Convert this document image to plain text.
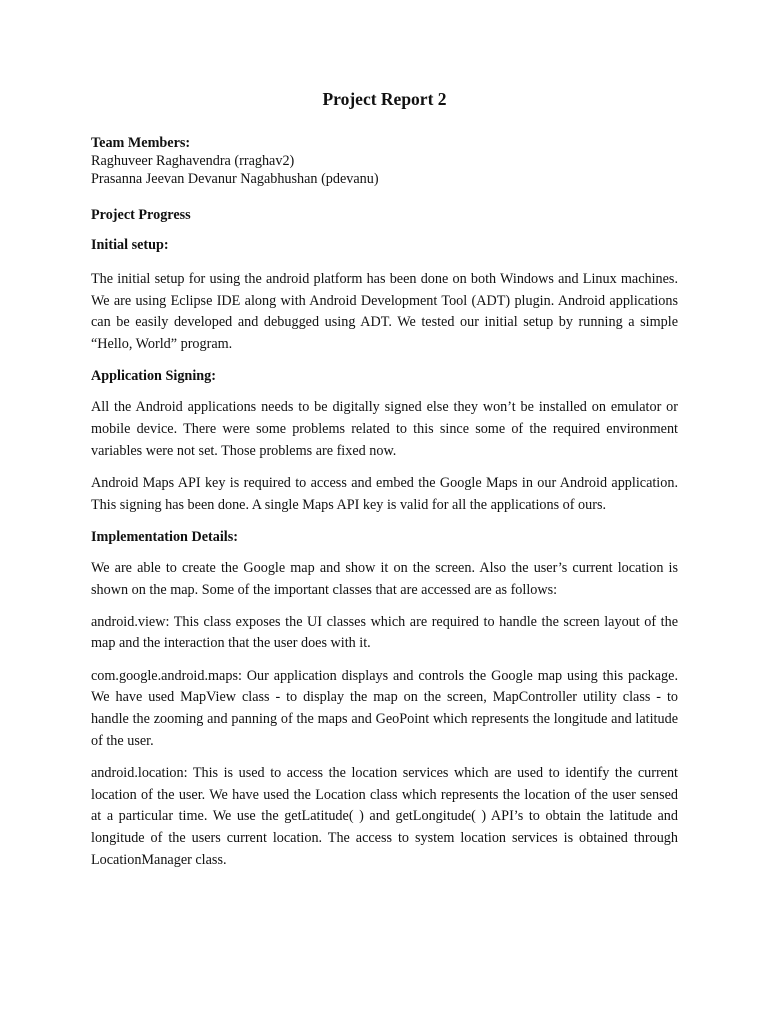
Project Report 2

Team Members:

Raghuveer Raghavendra (rraghav2)

Prasanna Jeevan Devanur Nagabhushan (pdevanu)

Project Progress
Initial setup:

The initial setup for using the android platform has been done on both Windows and Linux machines. We are using Eclipse IDE along with Android Development Tool (ADT) plugin. Android applications can be easily developed and debugged using ADT. We tested our initial setup by running a simple “Hello, World” program.

Application Signing:

All the Android applications needs to be digitally signed else they won’t be installed on emulator or mobile device. There were some problems related to this since some of the required environment variables were not set. Those problems are fixed now.

Android Maps API key is required to access and embed the Google Maps in our Android application. This signing has been done. A single Maps API key is valid for all the applications of ours.

Implementation Details:

We are able to create the Google map and show it on the screen. Also the user’s current location is shown on the map. Some of the important classes that are accessed are as follows:

android.view: This class exposes the UI classes which are required to handle the screen layout of the map and the interaction that the user does with it.

com.google.android.maps: Our application displays and controls the Google map using this package. We have used MapView class - to display the map on the screen, MapController utility class - to handle the zooming and panning of the maps and GeoPoint which represents the longitude and latitude of the user.

android.location: This is used to access the location services which are used to identify the current location of the user. We have used the Location class which represents the location of the user sensed at a particular time. We use the getLatitude( ) and getLongitude( ) API’s to obtain the latitude and longitude of the users current location. The access to system location services is obtained through LocationManager class.
